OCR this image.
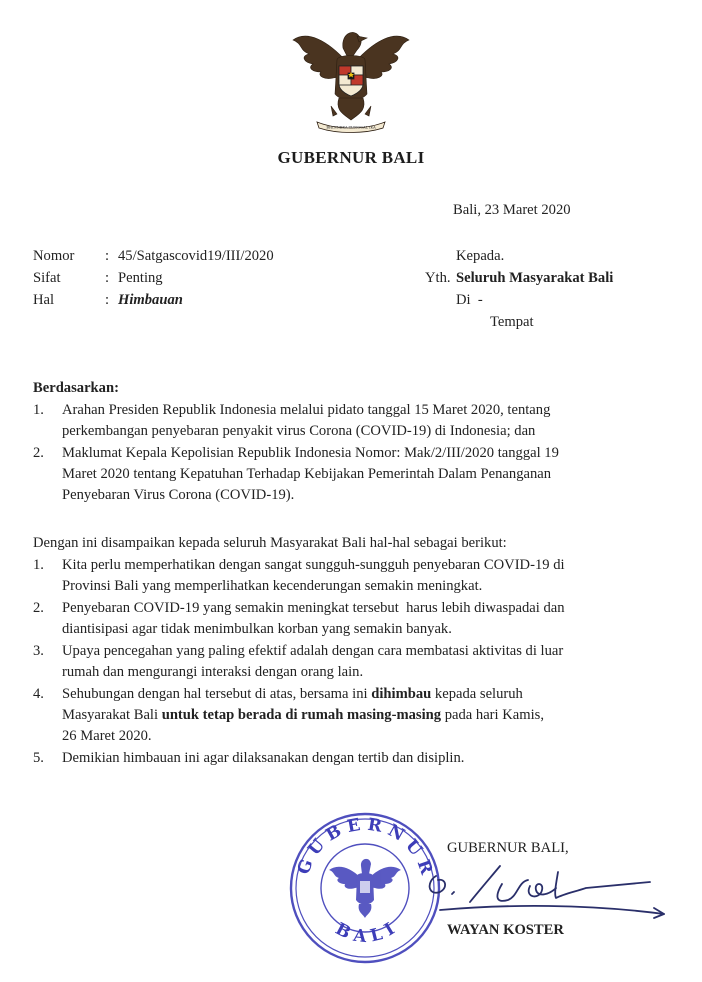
BHINNEKA TUNGGAL IKA
GUBERNUR BALI
Bali, 23 Maret 2020
Nomor	: 45/Satgascovid19/III/2020
Sifat	: Penting
Hal	: Himbauan
Kepada.
Yth. Seluruh Masyarakat Bali
Di  -
Tempat
Berdasarkan:
1.	Arahan Presiden Republik Indonesia melalui pidato tanggal 15 Maret 2020, tentang
perkembangan penyebaran penyakit virus Corona (COVID-19) di Indonesia; dan
2.	Maklumat Kepala Kepolisian Republik Indonesia Nomor: Mak/2/III/2020 tanggal 19
Maret 2020 tentang Kepatuhan Terhadap Kebijakan Pemerintah Dalam Penanganan
Penyebaran Virus Corona (COVID-19).
Dengan ini disampaikan kepada seluruh Masyarakat Bali hal-hal sebagai berikut:
1.	Kita perlu memperhatikan dengan sangat sungguh-sungguh penyebaran COVID-19 di
Provinsi Bali yang memperlihatkan kecenderungan semakin meningkat.
2.	Penyebaran COVID-19 yang semakin meningkat tersebut  harus lebih diwaspadai dan
diantisipasi agar tidak menimbulkan korban yang semakin banyak.
3.	Upaya pencegahan yang paling efektif adalah dengan cara membatasi aktivitas di luar
rumah dan mengurangi interaksi dengan orang lain.
4.	Sehubungan dengan hal tersebut di atas, bersama ini dihimbau kepada seluruh
Masyarakat Bali untuk tetap berada di rumah masing-masing pada hari Kamis,
26 Maret 2020.
5.	Demikian himbauan ini agar dilaksanakan dengan tertib dan disiplin.
G U B E R N U R
B A L I
GUBERNUR BALI,
WAYAN KOSTER
